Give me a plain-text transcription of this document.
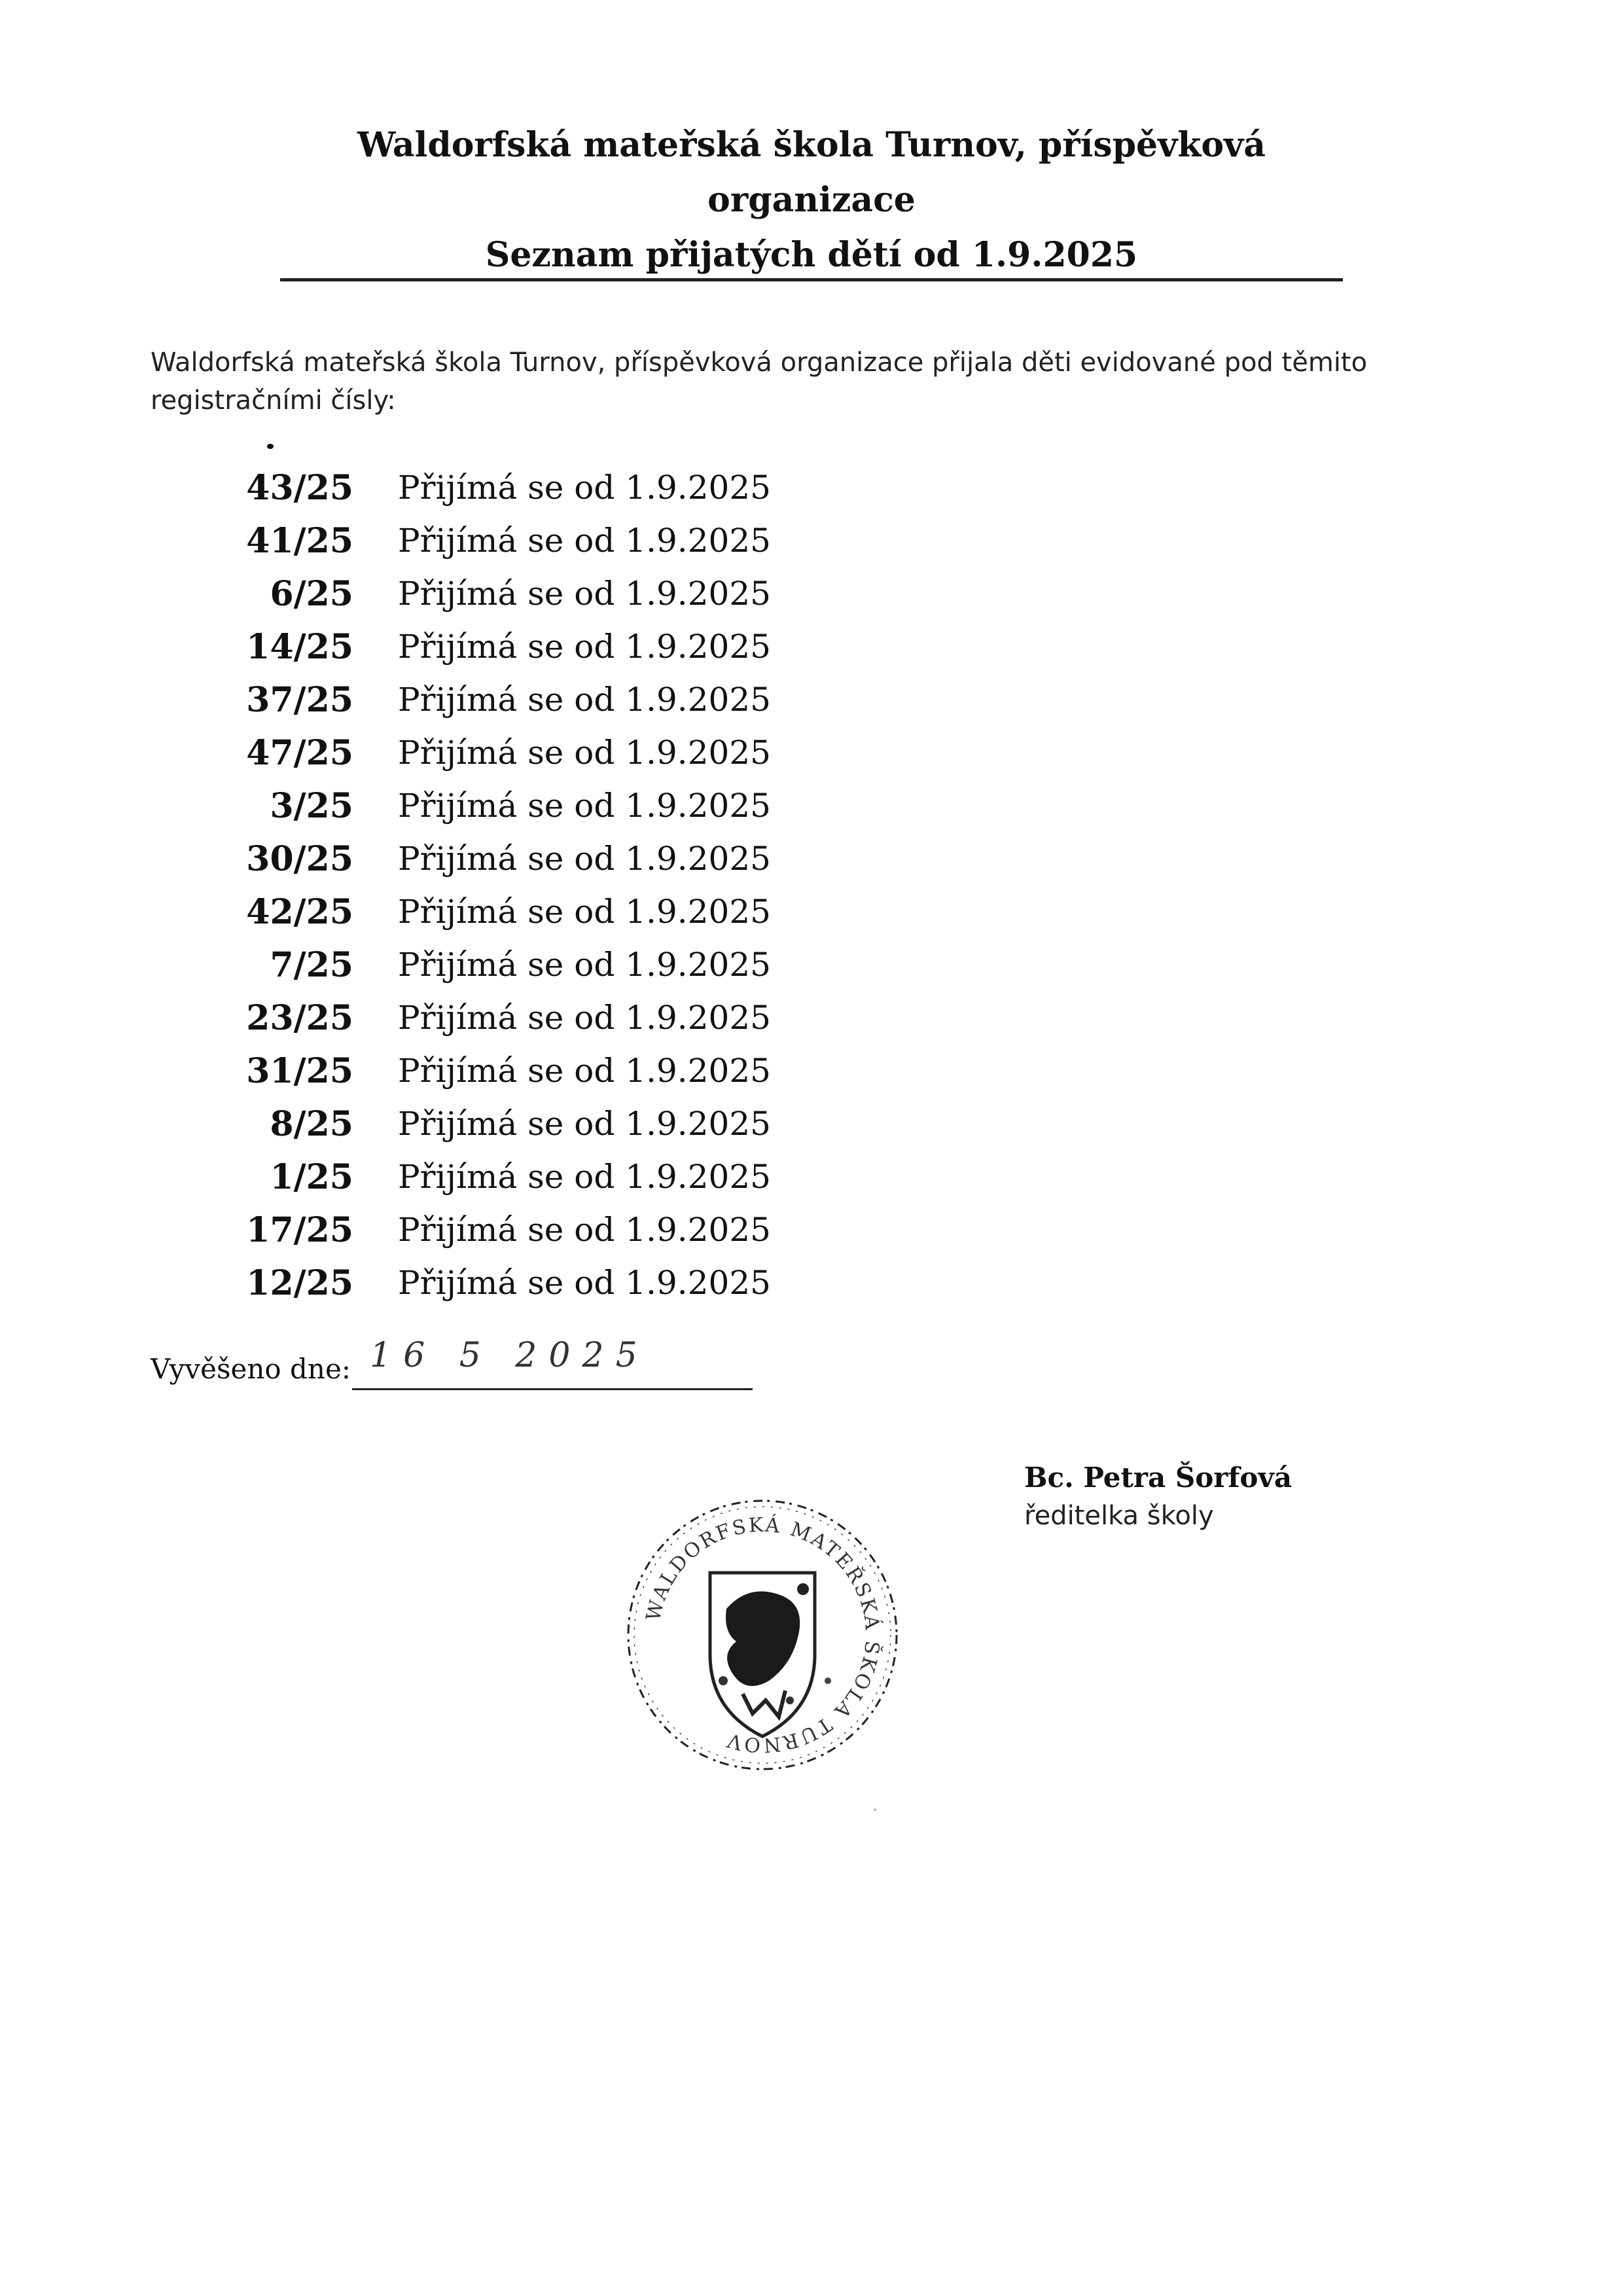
Waldorfská mateřská škola Turnov, příspěvková
organizace
Seznam přijatých dětí od 1.9.2025
Waldorfská mateřská škola Turnov, příspěvková organizace přijala děti evidované pod těmito registračními čísly:
43/25 Přijímá se od 1.9.2025
41/25 Přijímá se od 1.9.2025
6/25 Přijímá se od 1.9.2025
14/25 Přijímá se od 1.9.2025
37/25 Přijímá se od 1.9.2025
47/25 Přijímá se od 1.9.2025
3/25 Přijímá se od 1.9.2025
30/25 Přijímá se od 1.9.2025
42/25 Přijímá se od 1.9.2025
7/25 Přijímá se od 1.9.2025
23/25 Přijímá se od 1.9.2025
31/25 Přijímá se od 1.9.2025
8/25 Přijímá se od 1.9.2025
1/25 Přijímá se od 1.9.2025
17/25 Přijímá se od 1.9.2025
12/25 Přijímá se od 1.9.2025
Vyvěšeno dne: 16 5 2025
Bc. Petra Šorfová
ředitelka školy
WALDORFSKÁ MATEŘSKÁ ŠKOLA TURNOV
